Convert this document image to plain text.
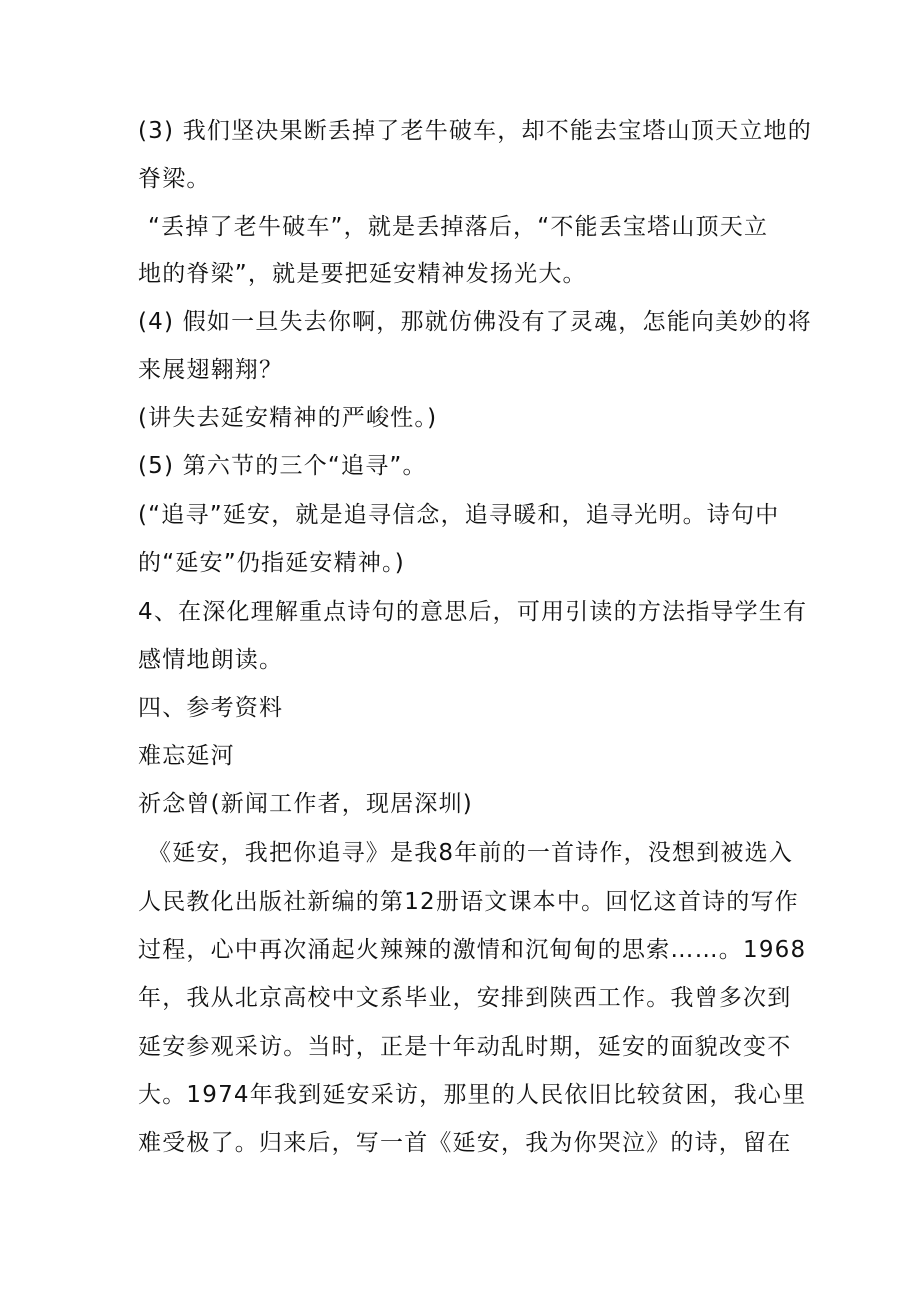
(3) 我们坚决果断丢掉了老牛破车，却不能去宝塔山顶天立地的
脊梁。
“丢掉了老牛破车”，就是丢掉落后，“不能丢宝塔山顶天立
地的脊梁”，就是要把延安精神发扬光大。
(4) 假如一旦失去你啊，那就仿佛没有了灵魂，怎能向美妙的将
来展翅翱翔？
(讲失去延安精神的严峻性。)
(5) 第六节的三个“追寻”。
(“追寻”延安，就是追寻信念，追寻暖和，追寻光明。诗句中
的“延安”仍指延安精神。)
4、在深化理解重点诗句的意思后，可用引读的方法指导学生有
感情地朗读。
四、参考资料
难忘延河
祈念曾(新闻工作者，现居深圳)
《延安，我把你追寻》是我8年前的一首诗作，没想到被选入
人民教化出版社新编的第12册语文课本中。回忆这首诗的写作
过程，心中再次涌起火辣辣的激情和沉甸甸的思索……。1968
年，我从北京高校中文系毕业，安排到陕西工作。我曾多次到
延安参观采访。当时，正是十年动乱时期，延安的面貌改变不
大。1974年我到延安采访，那里的人民依旧比较贫困，我心里
难受极了。归来后，写一首《延安，我为你哭泣》的诗，留在
